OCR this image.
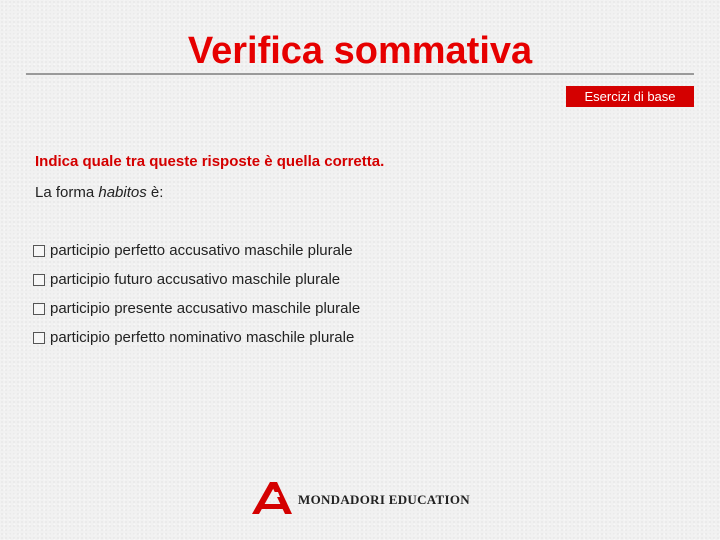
Verifica sommativa
Esercizi di base

Indica quale tra queste risposte è quella corretta.

La forma habitos è:

participio perfetto accusativo maschile plurale
participio futuro accusativo maschile plurale
participio presente accusativo maschile plurale
participio perfetto nominativo maschile plurale
MONDADORI EDUCATION
